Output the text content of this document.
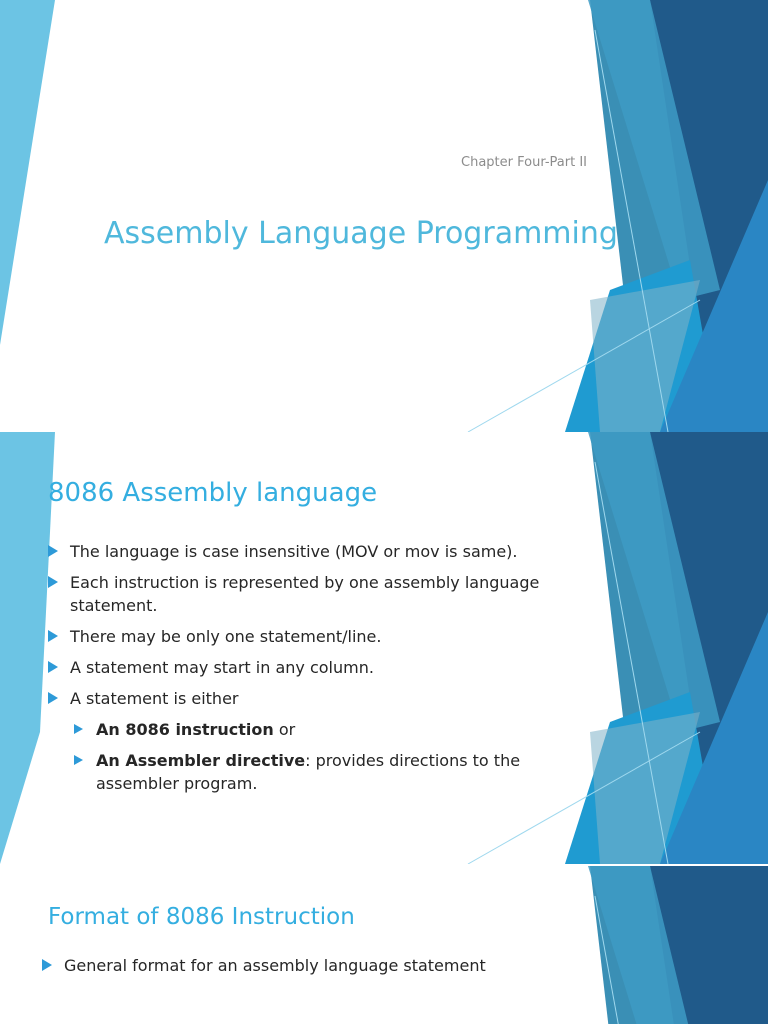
Chapter Four-Part II
Assembly Language Programming
8086 Assembly language
The language is case insensitive (MOV or mov is same).
Each instruction is represented by one assembly language statement.
There may be only one statement/line.
A statement may start in any column.
A statement is either
An 8086 instruction or
An Assembler directive: provides directions to the assembler program.
Format of 8086 Instruction
General format for an assembly language statement
